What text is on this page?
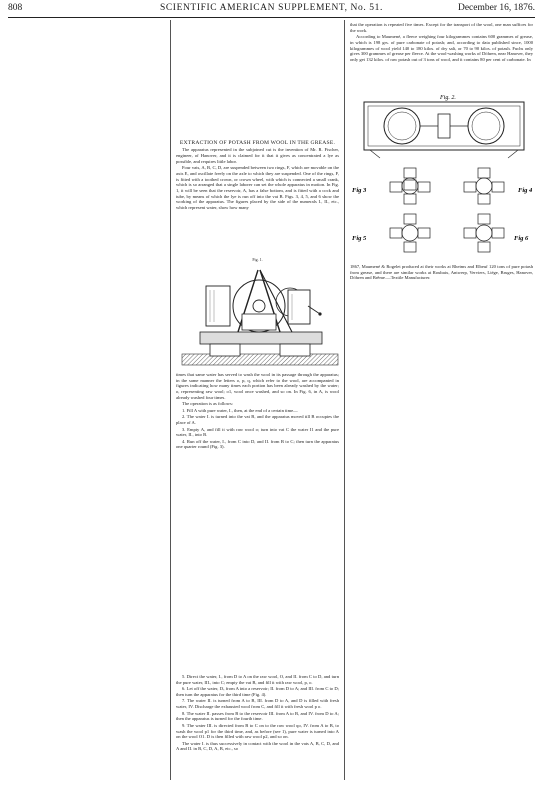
808	SCIENTIFIC AMERICAN SUPPLEMENT, No. 51.	December 16, 1876.

EXTRACTION OF POTASH FROM WOOL IN THE GREASE.

The apparatus represented in the subjoined cut is the invention of Mr. R. Fischer, engineer, of Hanover, and it is claimed for it that it gives as concentrated a lye as possible, and requires little labor.

Four vats, A, B, C, D, are suspended between two rings, F, which are movable on the axis E, and oscillate freely on the axle to which they are suspended. One of the rings, F, is fitted with a toothed crown, or crown wheel, with which is connected a small crank, which is so arranged that a single laborer can set the whole apparatus in motion. In Fig. 1, it will be seen that the reservoir, A, has a false bottom, and is fitted with a cock and tube, by means of which the lye is run off into the vat B. Figs. 3, 4, 5, and 6 show the working of the apparatus. The figures placed by the side of the numerals I., II., etc., which represent water, show how many

Fig. 1.

times that same water has served to wash the wool in its passage through the apparatus; in the same manner the letters o, p, q, which refer to the wool, are accompanied in figures indicating how many times each portion has been already washed by the water; o, representing raw wool; o1, wool once washed, and so on. In Fig. 6, in A, is wool already washed four times.

The operation is as follows:

1. Fill A with pure water, I., then, at the end of a certain time—

2. The water I. is turned into the vat B, and the apparatus moved till B occupies the place of A.

3. Empty A, and fill it with raw wool o; turn into vat C the water I1 and the pure water, II., into B.

4. Run off the water, I., from C into D, and II. from B to C; then turn the apparatus one quarter round (Fig. 3).

5. Direct the water, I., from D to A on the raw wool, O, and II. from C to D, and turn the pure water, III., into C; empty the vat B, and fill it with raw wool, p, o.

6. Let off the water, I3, from A into a reservoir; II. from D to A; and III. from C to D; then turn the apparatus for the third time (Fig. 4).

7. The water II. is turned from A to B, III. from D to A, and D is filled with fresh water, IV. Discharge the exhausted wool from C, and fill it with fresh wool p o.

8. The water II. passes from B to the reservoir III. from A to B, and IV. from D to A; then the apparatus is turned for the fourth time.

9. The water III. is directed from B to C on to the raw wool qo, IV. from A to B, to wash the wool p1 for the third time, and, as before (see 1), pure water is turned into A on the wool O1. D is then filled with raw wool p2, and so on.

The water I. is thus successively in contact with the wool in the vats A, B, C, D, and A and II. in B, C, D, A, B, etc., so

that the operation is repeated five times. Except for the transport of the wool, one man suffices for the work.

According to Maumené, a fleece weighing four kilogrammes contains 600 grammes of grease, in which is 198 grs. of pure carbonate of potash; and, according to data published since, 1000 kilogrammes of wool yield 140 to 180 kilos. of dry salt, or 70 to 90 kilos. of potash. Fuchs only gives 300 grammes of grease per fleece. At the wool-washing works of Döhren, near Hanover, they only get 132 kilos. of raw potash out of 3 tons of wool, and it contains 80 per cent of carbonate. In

Fig. 2.
Fig 3	Fig 4
Fig 5	Fig 6

1867, Maumené & Rogelet produced at their works at Rheims and Elbeuf 120 tons of pure potash from grease, and there are similar works at Roubaix, Antwerp, Verviers, Liége, Bruges, Hanover, Döhren and Brême.—Textile Manufacturer.
